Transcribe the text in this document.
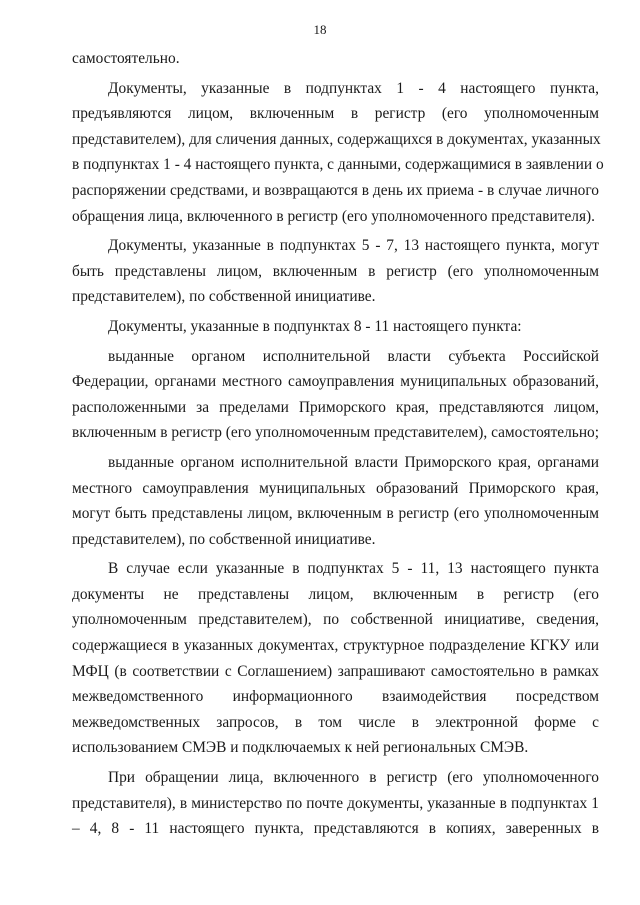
18
самостоятельно.
Документы, указанные в подпунктах 1 - 4 настоящего пункта,
предъявляются лицом, включенным в регистр (его уполномоченным
представителем), для сличения данных, содержащихся в документах, указанных
в подпунктах 1 - 4 настоящего пункта, с данными, содержащимися в заявлении о
распоряжении средствами, и возвращаются в день их приема - в случае личного
обращения лица, включенного в регистр (его уполномоченного представителя).
Документы, указанные в подпунктах 5 - 7, 13 настоящего пункта, могут
быть представлены лицом, включенным в регистр (его уполномоченным
представителем), по собственной инициативе.
Документы, указанные в подпунктах 8 - 11 настоящего пункта:
выданные органом исполнительной власти субъекта Российской
Федерации, органами местного самоуправления муниципальных образований,
расположенными за пределами Приморского края, представляются лицом,
включенным в регистр (его уполномоченным представителем), самостоятельно;
выданные органом исполнительной власти Приморского края, органами
местного самоуправления муниципальных образований Приморского края,
могут быть представлены лицом, включенным в регистр (его уполномоченным
представителем), по собственной инициативе.
В случае если указанные в подпунктах 5 - 11, 13 настоящего пункта
документы не представлены лицом, включенным в регистр (его
уполномоченным представителем), по собственной инициативе, сведения,
содержащиеся в указанных документах, структурное подразделение КГКУ или
МФЦ (в соответствии с Соглашением) запрашивают самостоятельно в рамках
межведомственного информационного взаимодействия посредством
межведомственных запросов, в том числе в электронной форме с
использованием СМЭВ и подключаемых к ней региональных СМЭВ.
При обращении лица, включенного в регистр (его уполномоченного
представителя), в министерство по почте документы, указанные в подпунктах 1
– 4, 8 - 11 настоящего пункта, представляются в копиях, заверенных в
